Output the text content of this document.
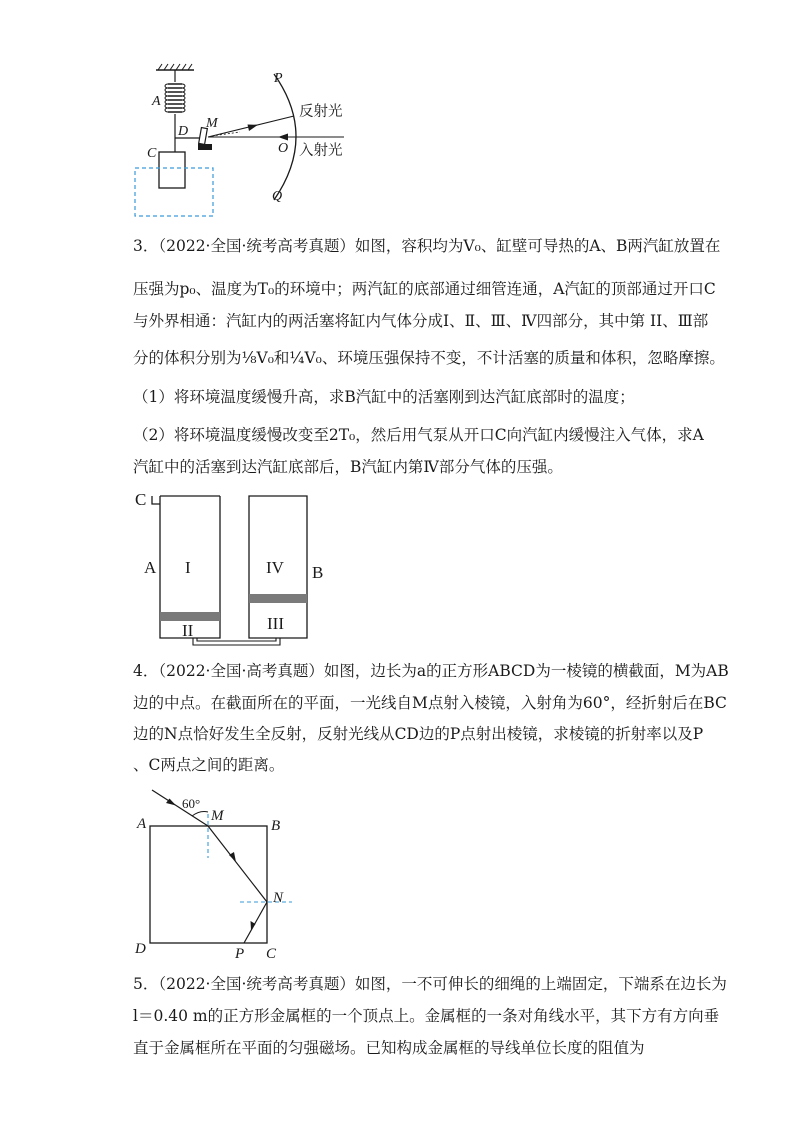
P
A
D
M
C	O
Q
反射光
入射光
3．（2022·全国·统考高考真题）如图，容积均为V₀、缸壁可导热的A、B两汽缸放置在
压强为p₀、温度为T₀的环境中；两汽缸的底部通过细管连通，A汽缸的顶部通过开口C
与外界相通：汽缸内的两活塞将缸内气体分成Ⅰ、Ⅱ、Ⅲ、Ⅳ四部分，其中第 II、Ⅲ部
分的体积分别为⅛V₀和¼V₀、环境压强保持不变，不计活塞的质量和体积，忽略摩擦。
（1）将环境温度缓慢升高，求B汽缸中的活塞刚到达汽缸底部时的温度；
（2）将环境温度缓慢改变至2T₀，然后用气泵从开口C向汽缸内缓慢注入气体，求A
汽缸中的活塞到达汽缸底部后，B汽缸内第Ⅳ部分气体的压强。
C
A I
II	III
IV B
4．（2022·全国·高考真题）如图，边长为a的正方形ABCD为一棱镜的横截面，M为AB
边的中点。在截面所在的平面，一光线自M点射入棱镜，入射角为60°，经折射后在BC
边的N点恰好发生全反射，反射光线从CD边的P点射出棱镜，求棱镜的折射率以及P
、C两点之间的距离。
60°
A	M
B
N
D	P C
5．（2022·全国·统考高考真题）如图，一不可伸长的细绳的上端固定，下端系在边长为
l＝0.40 m的正方形金属框的一个顶点上。金属框的一条对角线水平，其下方有方向垂
直于金属框所在平面的匀强磁场。已知构成金属框的导线单位长度的阻值为
